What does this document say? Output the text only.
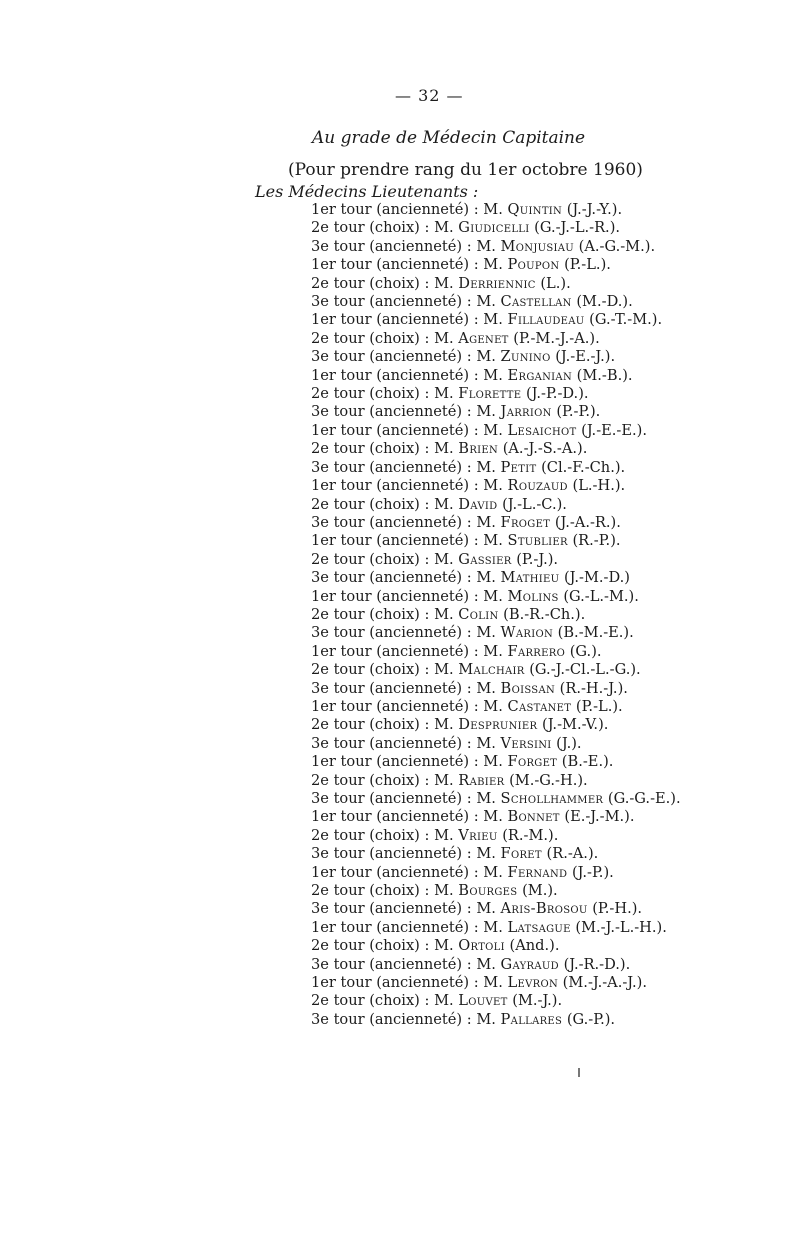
— 32 —
Au grade de Médecin Capitaine
(Pour prendre rang du 1er octobre 1960)
Les Médecins Lieutenants :
1er tour (ancienneté) : M. Quintin (J.-J.-Y.).
2e tour (choix) : M. Giudicelli (G.-J.-L.-R.).
3e tour (ancienneté) : M. Monjusiau (A.-G.-M.).
1er tour (ancienneté) : M. Poupon (P.-L.).
2e tour (choix) : M. Derriennic (L.).
3e tour (ancienneté) : M. Castellan (M.-D.).
1er tour (ancienneté) : M. Fillaudeau (G.-T.-M.).
2e tour (choix) : M. Agenet (P.-M.-J.-A.).
3e tour (ancienneté) : M. Zunino (J.-E.-J.).
1er tour (ancienneté) : M. Erganian (M.-B.).
2e tour (choix) : M. Florette (J.-P.-D.).
3e tour (ancienneté) : M. Jarrion (P.-P.).
1er tour (ancienneté) : M. Lesaichot (J.-E.-E.).
2e tour (choix) : M. Brien (A.-J.-S.-A.).
3e tour (ancienneté) : M. Petit (Cl.-F.-Ch.).
1er tour (ancienneté) : M. Rouzaud (L.-H.).
2e tour (choix) : M. David (J.-L.-C.).
3e tour (ancienneté) : M. Froget (J.-A.-R.).
1er tour (ancienneté) : M. Stublier (R.-P.).
2e tour (choix) : M. Gassier (P.-J.).
3e tour (ancienneté) : M. Mathieu (J.-M.-D.)
1er tour (ancienneté) : M. Molins (G.-L.-M.).
2e tour (choix) : M. Colin (B.-R.-Ch.).
3e tour (ancienneté) : M. Warion (B.-M.-E.).
1er tour (ancienneté) : M. Farrero (G.).
2e tour (choix) : M. Malchair (G.-J.-Cl.-L.-G.).
3e tour (ancienneté) : M. Boissan (R.-H.-J.).
1er tour (ancienneté) : M. Castanet (P.-L.).
2e tour (choix) : M. Desprunier (J.-M.-V.).
3e tour (ancienneté) : M. Versini (J.).
1er tour (ancienneté) : M. Forget (B.-E.).
2e tour (choix) : M. Rabier (M.-G.-H.).
3e tour (ancienneté) : M. Schollhammer (G.-G.-E.).
1er tour (ancienneté) : M. Bonnet (E.-J.-M.).
2e tour (choix) : M. Vrieu (R.-M.).
3e tour (ancienneté) : M. Foret (R.-A.).
1er tour (ancienneté) : M. Fernand (J.-P.).
2e tour (choix) : M. Bourges (M.).
3e tour (ancienneté) : M. Aris-Brosou (P.-H.).
1er tour (ancienneté) : M. Latsague (M.-J.-L.-H.).
2e tour (choix) : M. Ortoli (And.).
3e tour (ancienneté) : M. Gayraud (J.-R.-D.).
1er tour (ancienneté) : M. Levron (M.-J.-A.-J.).
2e tour (choix) : M. Louvet (M.-J.).
3e tour (ancienneté) : M. Pallares (G.-P.).
